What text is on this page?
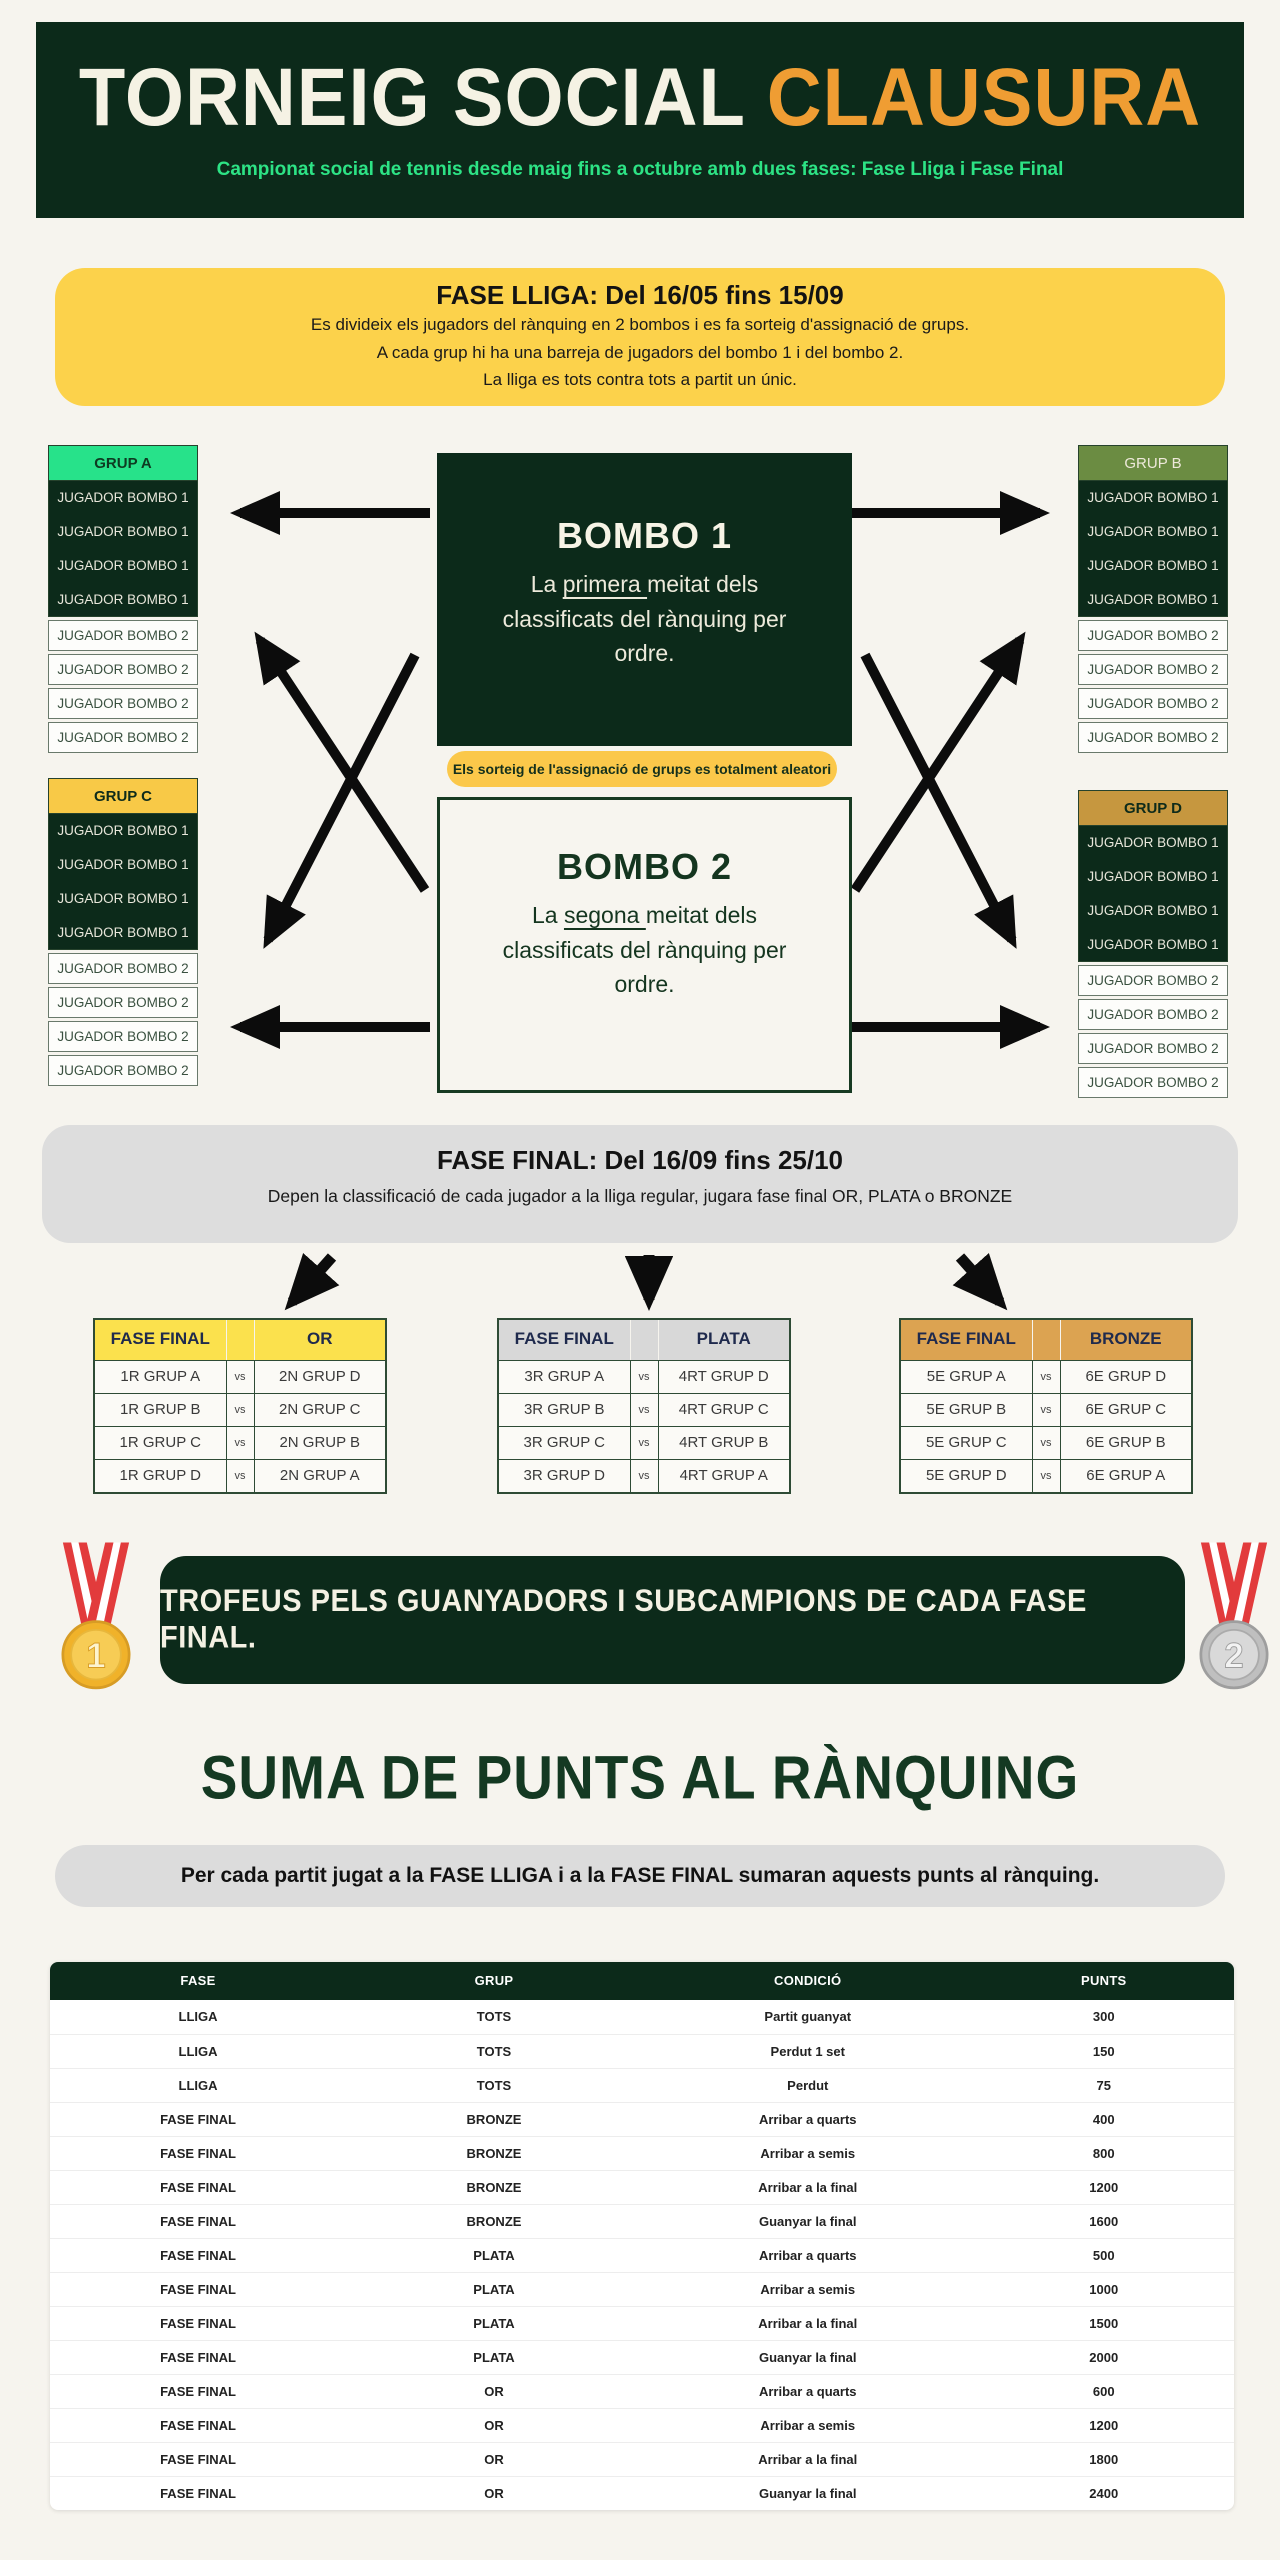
TORNEIG SOCIAL CLAUSURA
Campionat social de tennis desde maig fins a octubre amb dues fases: Fase Lliga i Fase Final
FASE LLIGA: Del 16/05 fins 15/09
Es divideix els jugadors del rànquing en 2 bombos i es fa sorteig d'assignació de grups.
A cada grup hi ha una barreja de jugadors del bombo 1 i del bombo 2.
La lliga es tots contra tots a partit un únic.
GRUP A
JUGADOR BOMBO 1
JUGADOR BOMBO 1
JUGADOR BOMBO 1
JUGADOR BOMBO 1
JUGADOR BOMBO 2
JUGADOR BOMBO 2
JUGADOR BOMBO 2
JUGADOR BOMBO 2
GRUP B
JUGADOR BOMBO 1
JUGADOR BOMBO 1
JUGADOR BOMBO 1
JUGADOR BOMBO 1
JUGADOR BOMBO 2
JUGADOR BOMBO 2
JUGADOR BOMBO 2
JUGADOR BOMBO 2
GRUP C
JUGADOR BOMBO 1
JUGADOR BOMBO 1
JUGADOR BOMBO 1
JUGADOR BOMBO 1
JUGADOR BOMBO 2
JUGADOR BOMBO 2
JUGADOR BOMBO 2
JUGADOR BOMBO 2
GRUP D
JUGADOR BOMBO 1
JUGADOR BOMBO 1
JUGADOR BOMBO 1
JUGADOR BOMBO 1
JUGADOR BOMBO 2
JUGADOR BOMBO 2
JUGADOR BOMBO 2
JUGADOR BOMBO 2
BOMBO 1
La primera meitat dels classificats del rànquing per ordre.
Els sorteig de l'assignació de grups es totalment aleatori
BOMBO 2
La segona meitat dels classificats del rànquing per ordre.
FASE FINAL: Del 16/09 fins 25/10
Depen la classificació de cada jugador a la lliga regular, jugara fase final OR, PLATA o BRONZE
FASE FINAL	OR
1R GRUP A	vs	2N GRUP D
1R GRUP B	vs	2N GRUP C
1R GRUP C	vs	2N GRUP B
1R GRUP D	vs	2N GRUP A
FASE FINAL	PLATA
3R GRUP A	vs	4RT GRUP D
3R GRUP B	vs	4RT GRUP C
3R GRUP C	vs	4RT GRUP B
3R GRUP D	vs	4RT GRUP A
FASE FINAL	BRONZE
5E GRUP A	vs	6E GRUP D
5E GRUP B	vs	6E GRUP C
5E GRUP C	vs	6E GRUP B
5E GRUP D	vs	6E GRUP A
1
TROFEUS PELS GUANYADORS I SUBCAMPIONS DE CADA FASE FINAL.	2
SUMA DE PUNTS AL RÀNQUING
Per cada partit jugat a la FASE LLIGA i a la FASE FINAL sumaran aquests punts al rànquing.
FASE	GRUP	CONDICIÓ	PUNTS
LLIGA	TOTS	Partit guanyat	300
LLIGA	TOTS	Perdut 1 set	150
LLIGA	TOTS	Perdut	75
FASE FINAL	BRONZE	Arribar a quarts	400
FASE FINAL	BRONZE	Arribar a semis	800
FASE FINAL	BRONZE	Arribar a la final	1200
FASE FINAL	BRONZE	Guanyar la final	1600
FASE FINAL	PLATA	Arribar a quarts	500
FASE FINAL	PLATA	Arribar a semis	1000
FASE FINAL	PLATA	Arribar a la final	1500
FASE FINAL	PLATA	Guanyar la final	2000
FASE FINAL	OR	Arribar a quarts	600
FASE FINAL	OR	Arribar a semis	1200
FASE FINAL	OR	Arribar a la final	1800
FASE FINAL	OR	Guanyar la final	2400
